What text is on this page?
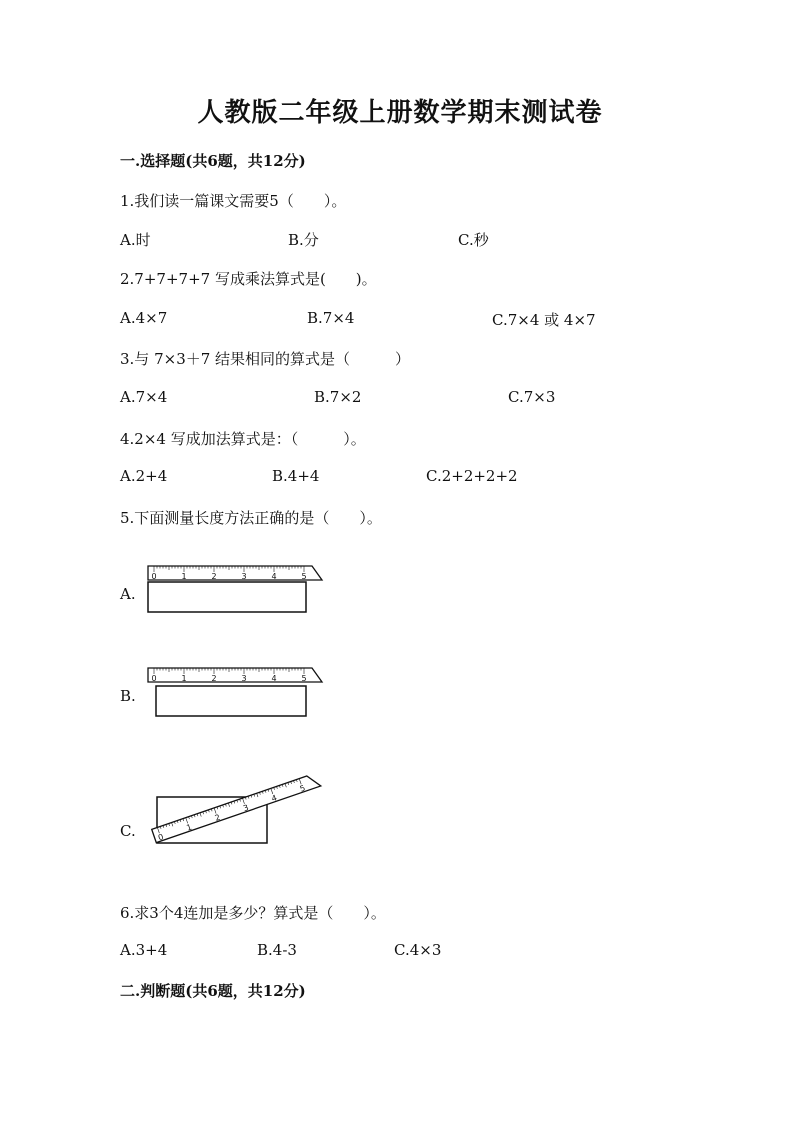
人教版二年级上册数学期末测试卷
一.选择题(共6题，共12分)
1.我们读一篇课文需要5（　　）。
A.时	B.分	C.秒
2.7+7+7+7 写成乘法算式是(　　)。
A.4×7	B.7×4	C.7×4 或 4×7
3.与 7×3＋7 结果相同的算式是（　　　）
A.7×4	B.7×2	C.7×3
4.2×4 写成加法算式是：（　　　）。
A.2+4	B.4+4	C.2+2+2+2
5.下面测量长度方法正确的是（　　）。
A.
0	1	2	3	4	5
B.
0	1	2	3	4	5
C.	0
1
2
3
4
5
6.求3个4连加是多少？算式是（　　）。
A.3+4	B.4-3	C.4×3
二.判断题(共6题，共12分)
